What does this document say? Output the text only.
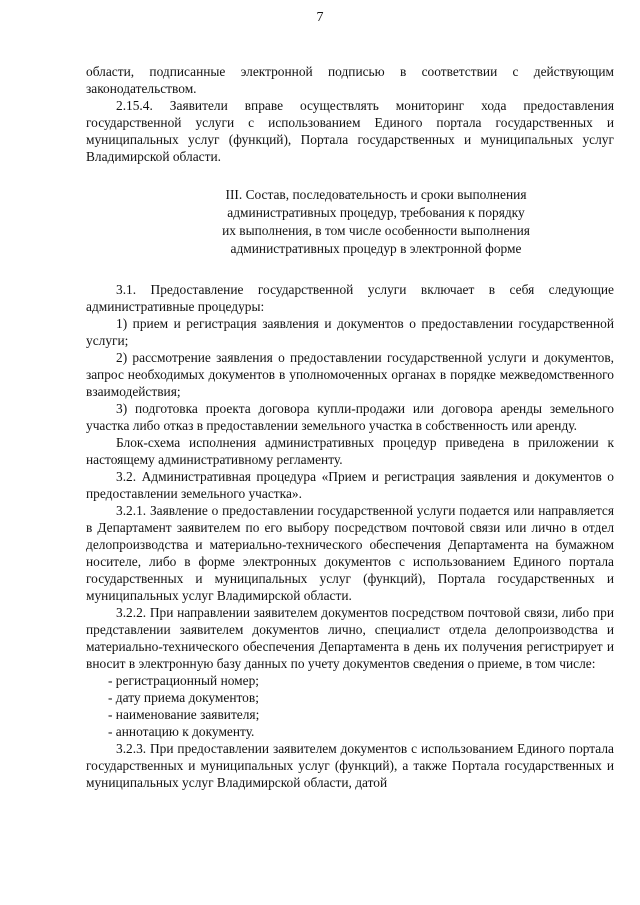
7

области, подписанные электронной подписью в соответствии с действующим законодательством.

2.15.4. Заявители вправе осуществлять мониторинг хода предоставления государственной услуги с использованием Единого портала государственных и муниципальных услуг (функций), Портала государственных и муниципальных услуг Владимирской области.

III. Состав, последовательность и сроки выполнения
административных процедур, требования к порядку
их выполнения, в том числе особенности выполнения
административных процедур в электронной форме

3.1. Предоставление государственной услуги включает в себя следующие административные процедуры:

1) прием и регистрация заявления и документов о предоставлении государственной услуги;

2) рассмотрение заявления о предоставлении государственной услуги и документов, запрос необходимых документов в уполномоченных органах в порядке межведомственного взаимодействия;

3) подготовка проекта договора купли-продажи или договора аренды земельного участка либо отказ в предоставлении земельного участка в собственность или аренду.

Блок-схема исполнения административных процедур приведена в приложении к настоящему административному регламенту.

3.2. Административная процедура «Прием и регистрация заявления и документов о предоставлении земельного участка».

3.2.1. Заявление о предоставлении государственной услуги подается или направляется в Департамент заявителем по его выбору посредством почтовой связи или лично в отдел делопроизводства и материально-технического обеспечения Департамента на бумажном носителе, либо в форме электронных документов с использованием Единого портала государственных и муниципальных услуг (функций), Портала государственных и муниципальных услуг Владимирской области.

3.2.2. При направлении заявителем документов посредством почтовой связи, либо при представлении заявителем документов лично, специалист отдела делопроизводства и материально-технического обеспечения Департамента в день их получения регистрирует и вносит в электронную базу данных по учету документов сведения о приеме, в том числе:

- регистрационный номер;

- дату приема документов;

- наименование заявителя;

- аннотацию к документу.

3.2.3. При предоставлении заявителем документов с использованием Единого портала государственных и муниципальных услуг (функций), а также Портала государственных и муниципальных услуг Владимирской области, датой
